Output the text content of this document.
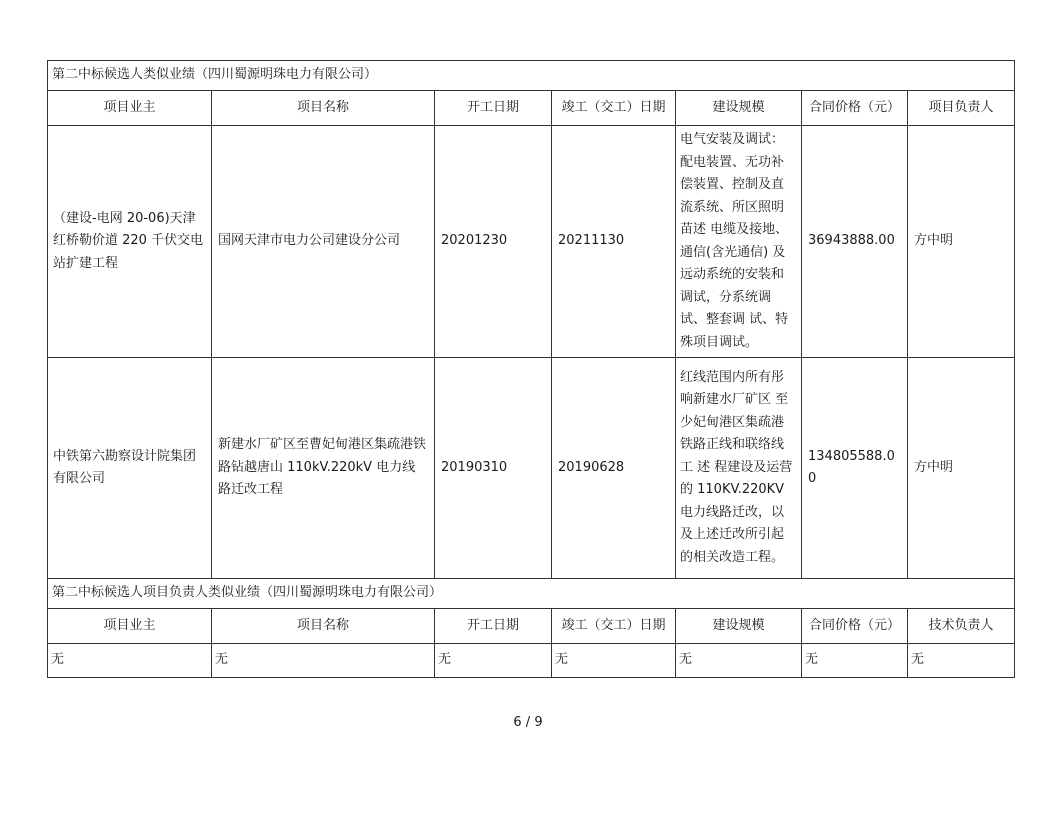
第二中标候选人类似业绩（四川蜀源明珠电力有限公司）						
项目业主	项目名称	开工日期	竣工（交工）日期	建设规模	合同价格（元）	项目负责人
（建设-电网 20-06)天津红桥勒价道 220 千伏交电站扩建工程	国网天津市电力公司建设分公司	20201230	20211130	电气安装及调试：配电装置、无功补偿装置、控制及直流系统、所区照明苗述 电缆及接地、通信(含光通信) 及远动系统的安装和调试，分系统调试、整套调 试、特殊项目调试。	36943888.00	方中明
中铁第六勘察设计院集团有限公司	新建水厂矿区至曹妃甸港区集疏港铁路钻越唐山 110kV.220kV 电力线路迁改工程	20190310	20190628	红线范围内所有彤响新建水厂矿区 至少妃甸港区集疏港铁路正线和联络线工 述 程建设及运营的 110KV.220KV 电力线路迁改，以及上述迁改所引起的相关改造工程。	134805588.00	方中明
第二中标候选人项目负责人类似业绩（四川蜀源明珠电力有限公司）						
项目业主	项目名称	开工日期	竣工（交工）日期	建设规模	合同价格（元）	技术负责人
无	无	无	无	无	无	无
6 / 9
